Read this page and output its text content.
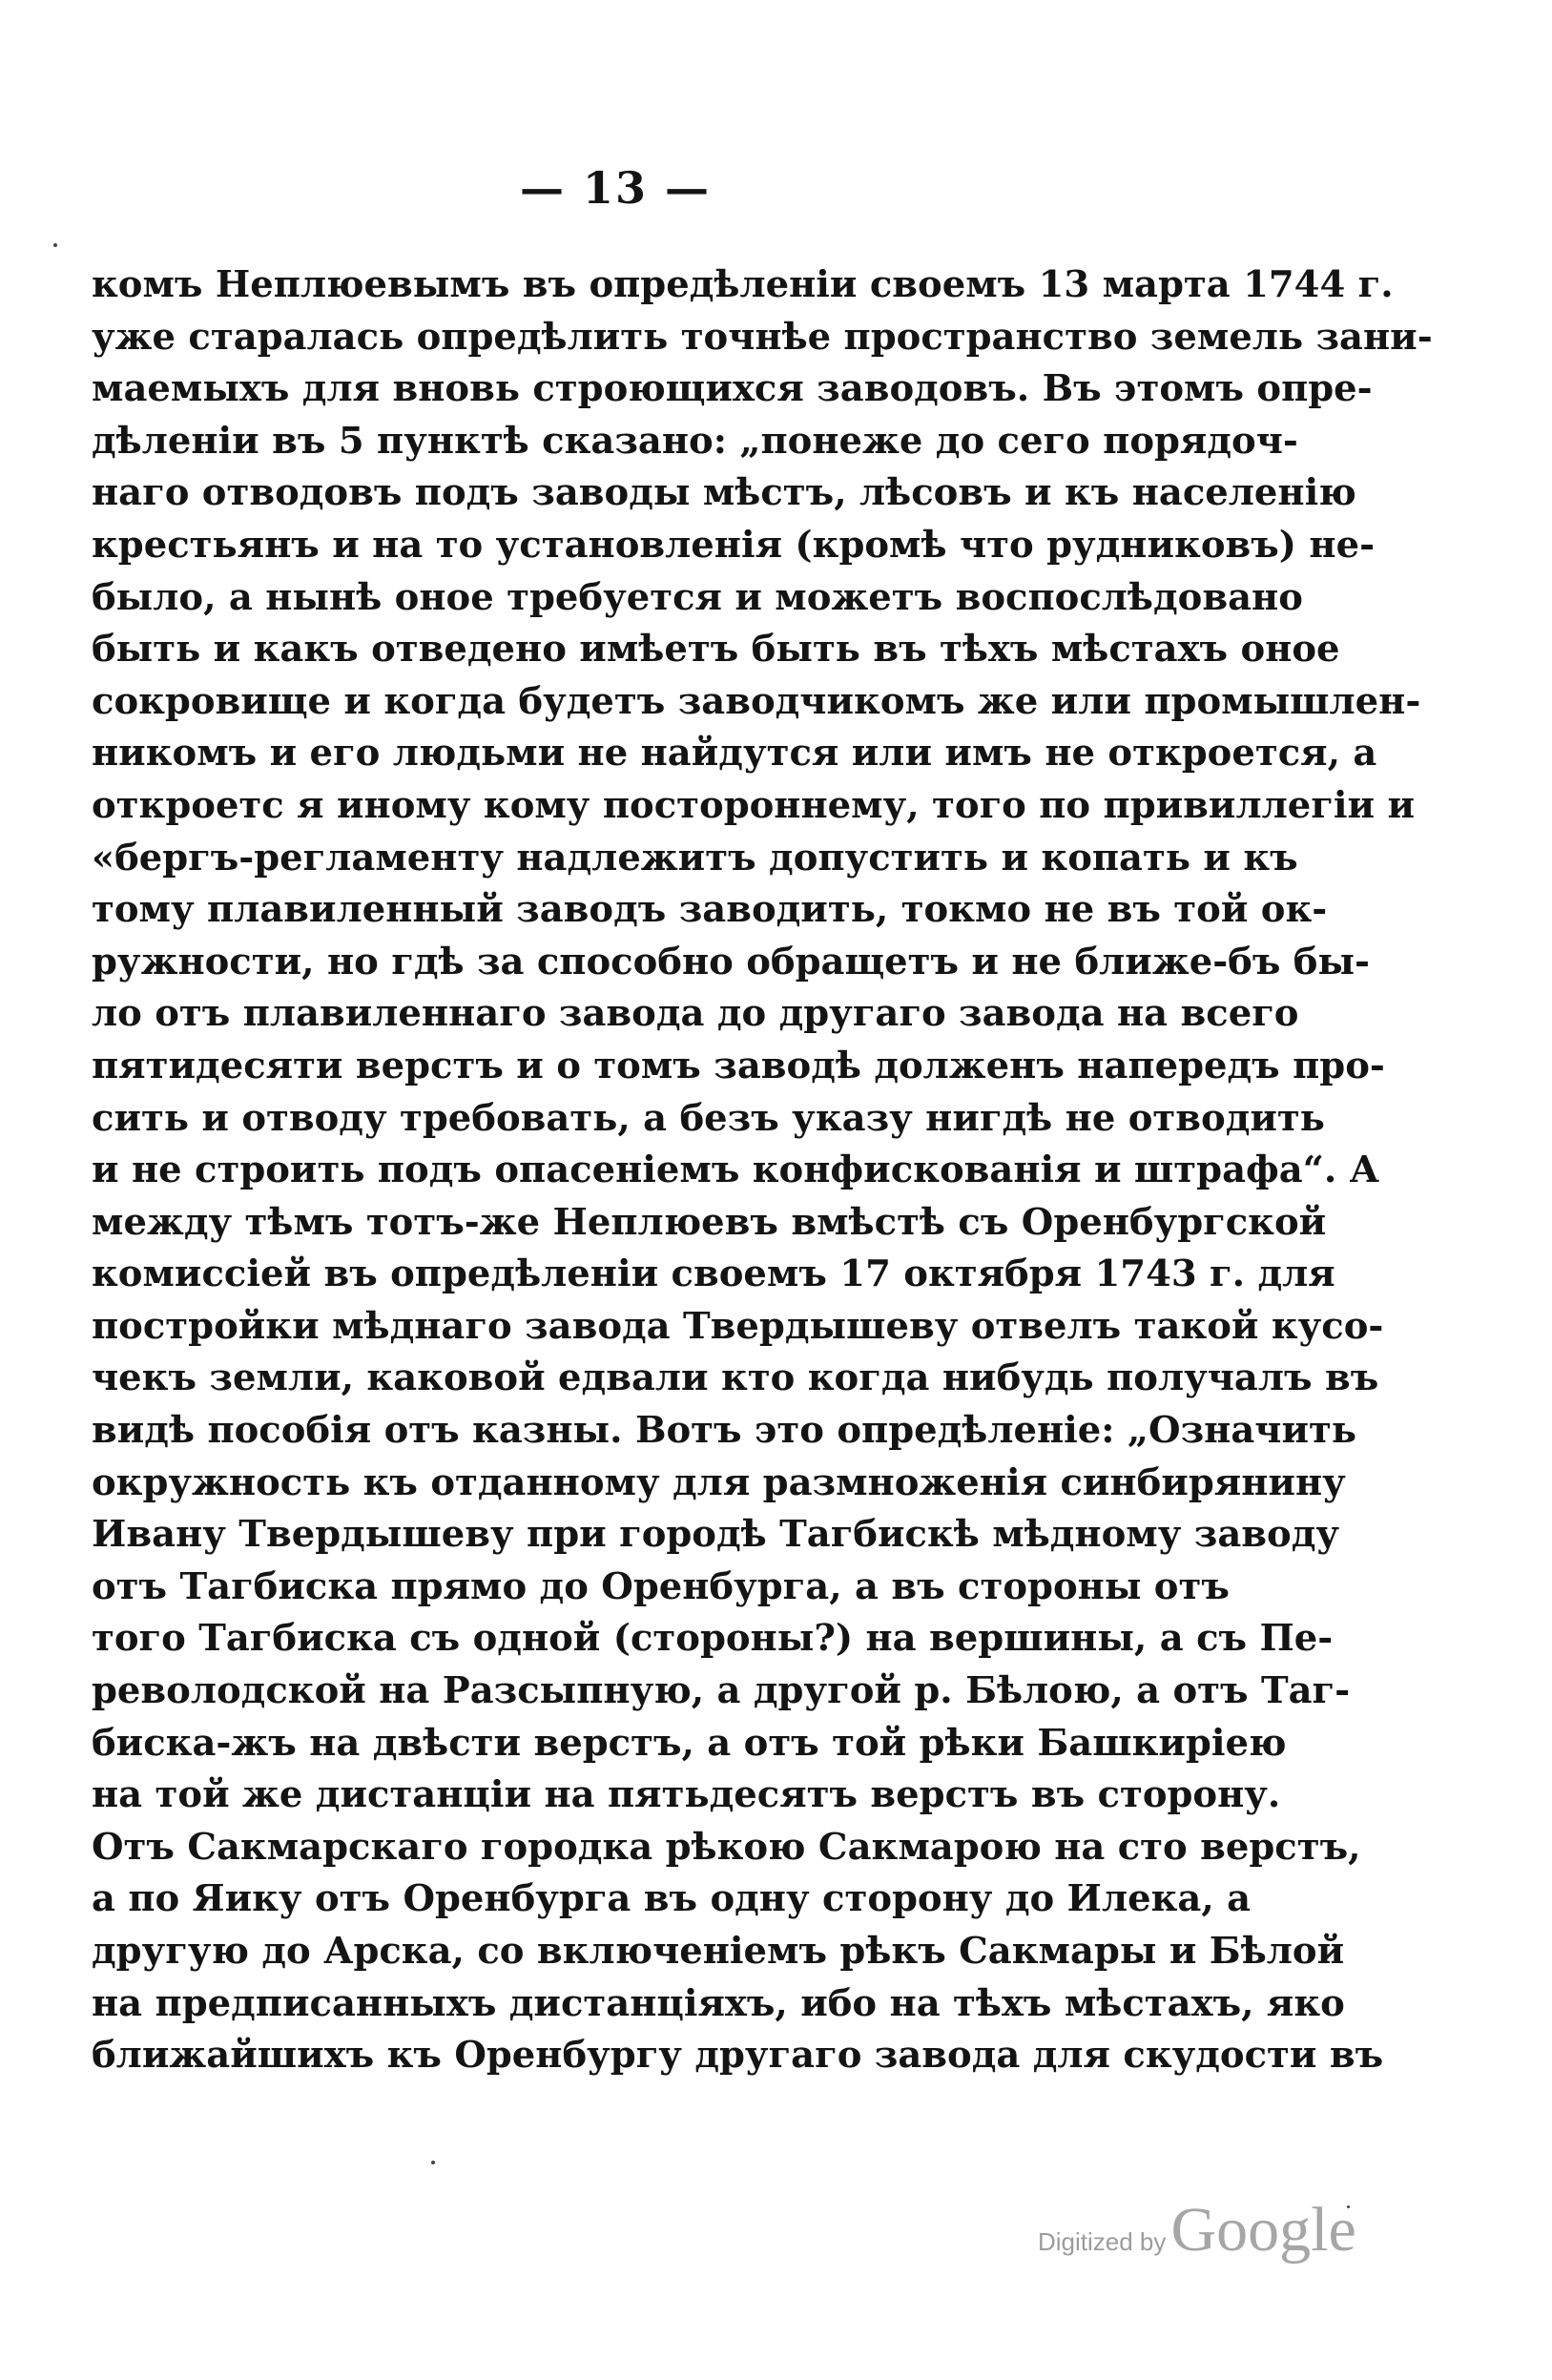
— 13 —
комъ Неплюевымъ въ опредѣленіи своемъ 13 марта 1744 г.
уже старалась опредѣлить точнѣе пространство земель зани-
маемыхъ для вновь строющихся заводовъ. Въ этомъ опре-
дѣленіи въ 5 пунктѣ сказано: „понеже до сего порядоч-
наго отводовъ подъ заводы мѣстъ, лѣсовъ и къ населенію
крестьянъ и на то установленія (кромѣ что рудниковъ) не-
было, а нынѣ оное требуется и можетъ воспослѣдовано
быть и какъ отведено имѣетъ быть въ тѣхъ мѣстахъ оное
сокровище и когда будетъ заводчикомъ же или промышлен-
никомъ и его людьми не найдутся или имъ не откроется, а
откроетс я иному кому постороннему, того по привиллегіи и
«бергъ-регламенту надлежитъ допустить и копать и къ
тому плавиленный заводъ заводить, токмо не въ той ок-
ружности, но гдѣ за способно обращетъ и не ближе-бъ бы-
ло отъ плавиленнаго завода до другаго завода на всего
пятидесяти верстъ и о томъ заводѣ долженъ напередъ про-
сить и отводу требовать, а безъ указу нигдѣ не отводить
и не строить подъ опасеніемъ конфискованія и штрафа“. А
между тѣмъ тотъ-же Неплюевъ вмѣстѣ съ Оренбургской
комиссіей въ опредѣленіи своемъ 17 октября 1743 г. для
постройки мѣднаго завода Твердышеву отвелъ такой кусо-
чекъ земли, каковой едвали кто когда нибудь получалъ въ
видѣ пособія отъ казны. Вотъ это опредѣленіе: „Означить
окружность къ отданному для размноженія синбирянину
Ивану Твердышеву при городѣ Тагбискѣ мѣдному заводу
отъ Тагбиска прямо до Оренбурга, а въ стороны отъ
того Тагбиска съ одной (стороны?) на вершины, а съ Пе-
револодской на Разсыпную, а другой р. Бѣлою, а отъ Таг-
биска-жъ на двѣсти верстъ, а отъ той рѣки Башкиріею
на той же дистанціи на пятьдесятъ верстъ въ сторону.
Отъ Сакмарскаго городка рѣкою Сакмарою на сто верстъ,
а по Яику отъ Оренбурга въ одну сторону до Илека, а
другую до Арска, со включеніемъ рѣкъ Сакмары и Бѣлой
на предписанныхъ дистанціяхъ, ибо на тѣхъ мѣстахъ, яко
ближайшихъ къ Оренбургу другаго завода для скудости въ
Digitized by Google
